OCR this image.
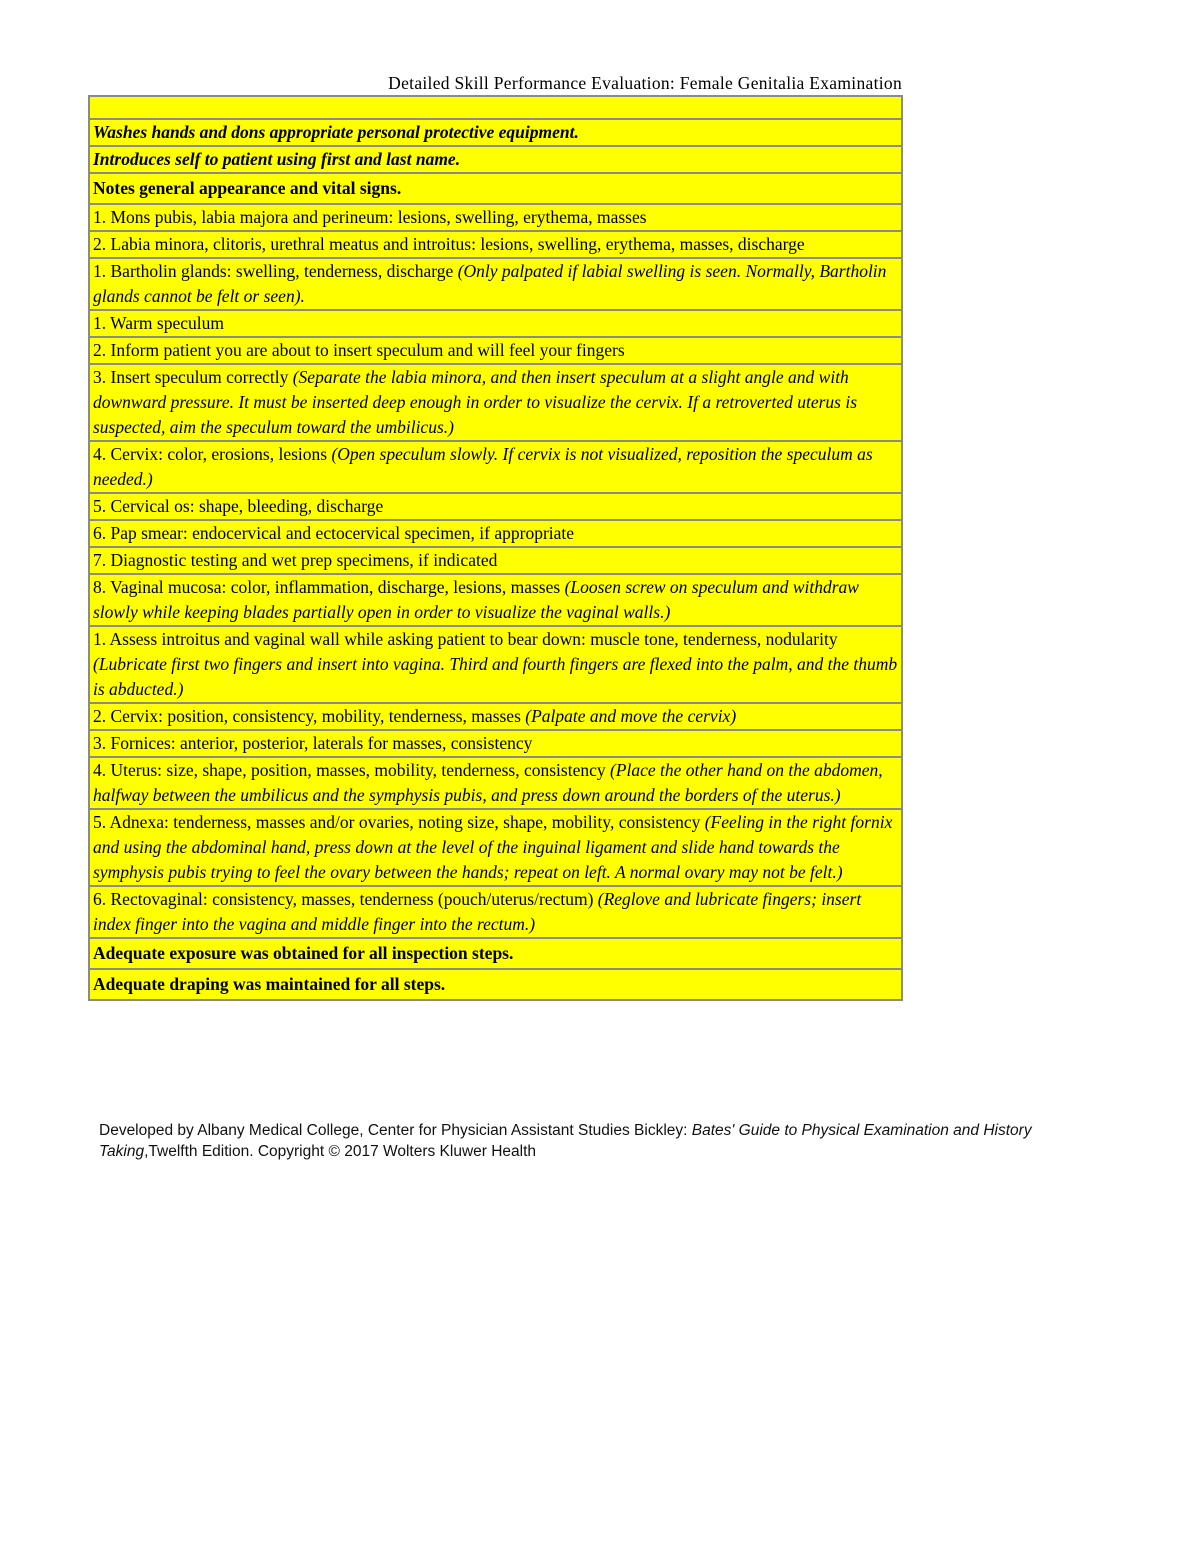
Detailed Skill Performance Evaluation: Female Genitalia Examination

Washes hands and dons appropriate personal protective equipment.
Introduces self to patient using first and last name.
Notes general appearance and vital signs.
1. Mons pubis, labia majora and perineum: lesions, swelling, erythema, masses
2. Labia minora, clitoris, urethral meatus and introitus: lesions, swelling, erythema, masses, discharge
1. Bartholin glands: swelling, tenderness, discharge (Only palpated if labial swelling is seen. Normally, Bartholin glands cannot be felt or seen).
1. Warm speculum
2. Inform patient you are about to insert speculum and will feel your fingers
3. Insert speculum correctly (Separate the labia minora, and then insert speculum at a slight angle and with downward pressure. It must be inserted deep enough in order to visualize the cervix. If a retroverted uterus is suspected, aim the speculum toward the umbilicus.)
4. Cervix: color, erosions, lesions (Open speculum slowly. If cervix is not visualized, reposition the speculum as needed.)
5. Cervical os: shape, bleeding, discharge
6. Pap smear: endocervical and ectocervical specimen, if appropriate
7. Diagnostic testing and wet prep specimens, if indicated
8. Vaginal mucosa: color, inflammation, discharge, lesions, masses (Loosen screw on speculum and withdraw slowly while keeping blades partially open in order to visualize the vaginal walls.)
1. Assess introitus and vaginal wall while asking patient to bear down: muscle tone, tenderness, nodularity (Lubricate first two fingers and insert into vagina. Third and fourth fingers are flexed into the palm, and the thumb is abducted.)
2. Cervix: position, consistency, mobility, tenderness, masses (Palpate and move the cervix)
3. Fornices: anterior, posterior, laterals for masses, consistency
4. Uterus: size, shape, position, masses, mobility, tenderness, consistency (Place the other hand on the abdomen, halfway between the umbilicus and the symphysis pubis, and press down around the borders of the uterus.)
5. Adnexa: tenderness, masses and/or ovaries, noting size, shape, mobility, consistency (Feeling in the right fornix and using the abdominal hand, press down at the level of the inguinal ligament and slide hand towards the symphysis pubis trying to feel the ovary between the hands; repeat on left. A normal ovary may not be felt.)
6. Rectovaginal: consistency, masses, tenderness (pouch/uterus/rectum) (Reglove and lubricate fingers; insert index finger into the vagina and middle finger into the rectum.)
Adequate exposure was obtained for all inspection steps.
Adequate draping was maintained for all steps.
Developed by Albany Medical College, Center for Physician Assistant Studies Bickley: Bates' Guide to Physical Examination and History Taking,Twelfth Edition. Copyright © 2017 Wolters Kluwer Health
